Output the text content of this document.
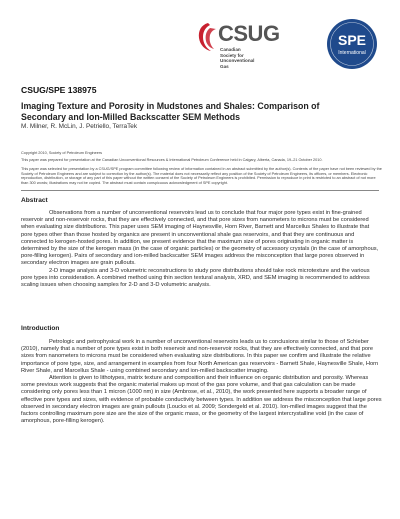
CSUG
Canadian
Society for
Unconventional
Gas
SPE
International
CSUG/SPE 138975
Imaging Texture and Porosity in Mudstones and Shales: Comparison of
Secondary and Ion-Milled Backscatter SEM Methods
M. Milner, R. McLin, J. Petriello, TerraTek
Copyright 2010, Society of Petroleum Engineers
This paper was prepared for presentation at the Canadian Unconventional Resources & International Petroleum Conference held in Calgary, Alberta, Canada, 19–21 October 2010.
This paper was selected for presentation by a CSUG/SPE program committee following review of information contained in an abstract submitted by the author(s). Contents of the paper have not been reviewed by the Society of Petroleum Engineers and are subject to correction by the author(s). The material does not necessarily reflect any position of the Society of Petroleum Engineers, its officers, or members. Electronic reproduction, distribution, or storage of any part of this paper without the written consent of the Society of Petroleum Engineers is prohibited. Permission to reproduce in print is restricted to an abstract of not more than 300 words; illustrations may not be copied. The abstract must contain conspicuous acknowledgment of SPE copyright.
Abstract

Observations from a number of unconventional reservoirs lead us to conclude that four major pore types exist in fine-grained reservoir and non-reservoir rocks, that they are effectively connected, and that pore sizes from nanometers to microns must be considered when evaluating size distributions. This paper uses SEM imaging of Haynesville, Horn River, Barnett and Marcellus Shales to illustrate that pore types other than those hosted by organics are present in unconventional shale gas reservoirs, and that they are continuous and connected to kerogen-hosted pores. In addition, we present evidence that the maximum size of pores originating in organic matter is determined by the size of the kerogen mass (in the case of organic particles) or the geometry of accessory crystals (in the case of amorphous, pore-filling kerogen). Pairs of secondary and ion-milled backscatter SEM images address the misconception that large pores observed in secondary electron images are grain pullouts.

2-D image analysis and 3-D volumetric reconstructions to study pore distributions should take rock microtexture and the various pore types into consideration. A combined method using thin section textural analysis, XRD, and SEM imaging is recommended to address scaling issues when choosing samples for 2-D and 3-D volumetric analysis.

Introduction

Petrologic and petrophysical work in a number of unconventional reservoirs leads us to conclusions similar to those of Schieber (2010), namely that a number of pore types exist in both reservoir and non-reservoir rocks, that they are effectively connected, and that pore sizes from nanometers to microns must be considered when evaluating size distributions. In this paper we confirm and illustrate the relative importance of pore type, size, and arrangement in examples from four North American gas reservoirs - Barnett Shale, Haynesville Shale, Horn River Shale, and Marcellus Shale - using combined secondary and ion-milled backscatter imaging.

Attention is given to lithotypes, matrix texture and composition and their influence on organic distribution and porosity. Whereas some previous work suggests that the organic material makes up most of the gas pore volume, and that gas calculation can be made considering only pores less than 1 micron (1000 nm) in size (Ambrose, et al., 2010), the work presented here supports a broader range of effective pore types and sizes, with evidence of probable conductivity between types. In addition we address the misconception that large pores observed in secondary electron images are grain pullouts (Loucks et al. 2009; Sondergeld et al. 2010). Ion-milled images suggest that the factors controlling maximum pore size are the size of the organic mass, or the geometry of the largest intercrystalline void (in the case of amorphous, pore-filling kerogen).
